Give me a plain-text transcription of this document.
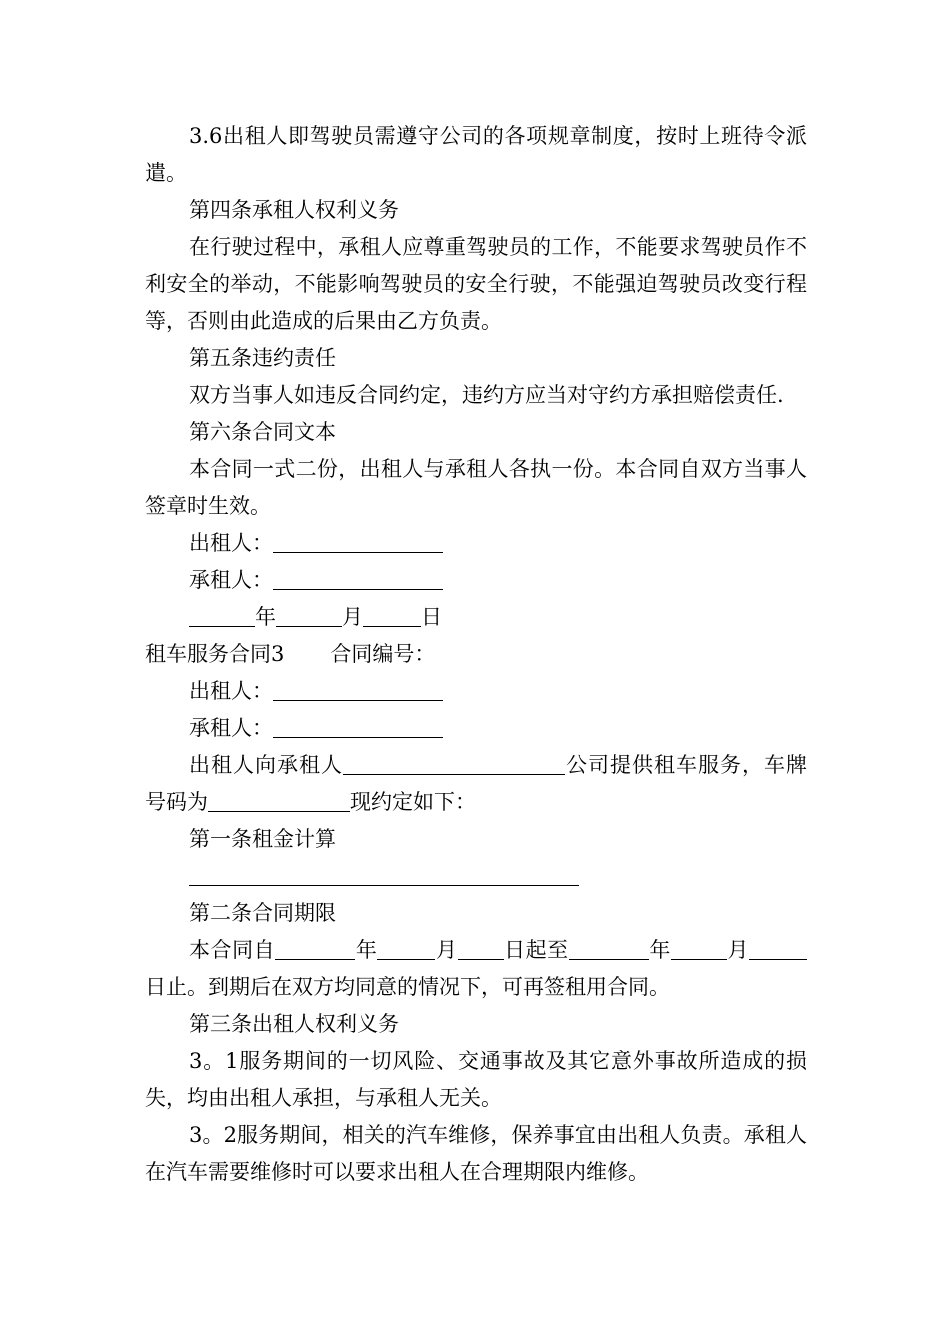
3.6出租人即驾驶员需遵守公司的各项规章制度，按时上班待令派遣。

第四条承租人权利义务

在行驶过程中，承租人应尊重驾驶员的工作，不能要求驾驶员作不利安全的举动，不能影响驾驶员的安全行驶，不能强迫驾驶员改变行程等，否则由此造成的后果由乙方负责。

第五条违约责任

双方当事人如违反合同约定，违约方应当对守约方承担赔偿责任.

第六条合同文本

本合同一式二份，出租人与承租人各执一份。本合同自双方当事人签章时生效。

出租人：

承租人：

年	月	日

租车服务合同3 合同编号：

出租人：

承租人：

出租人向承租人	公司提供租车服务，车牌号码为	现约定如下：

第一条租金计算

第二条合同期限

本合同自	年	月 日起至	年	月日止。到期后在双方均同意的情况下，可再签租用合同。

第三条出租人权利义务

3。1服务期间的一切风险、交通事故及其它意外事故所造成的损失，均由出租人承担，与承租人无关。

3。2服务期间，相关的汽车维修，保养事宜由出租人负责。承租人在汽车需要维修时可以要求出租人在合理期限内维修。
